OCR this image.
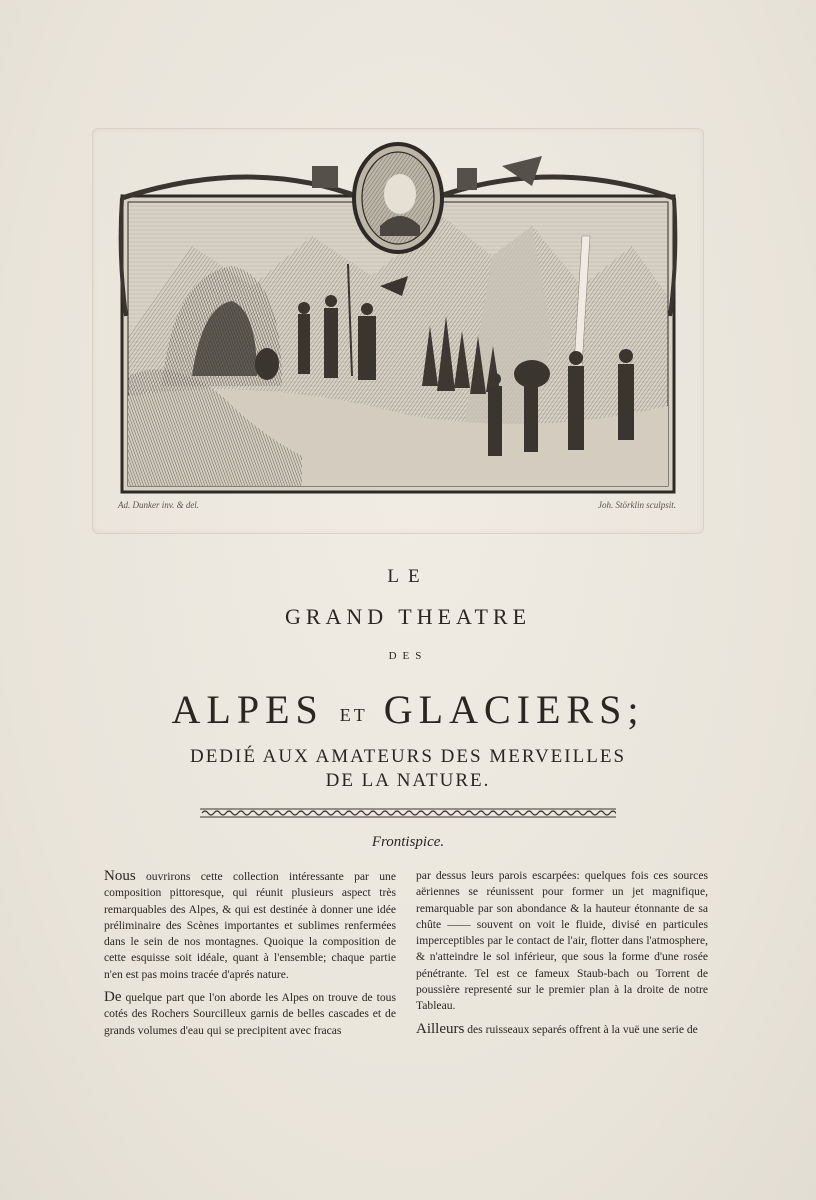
Ad. Dunker inv. & del.	Joh. Störklin sculpsit.
LE
GRAND THEATRE
DES
ALPES ET GLACIERS;
DEDIÉ AUX AMATEURS DES MERVEILLES
DE LA NATURE.
Frontispice.

Nous ouvrirons cette collection intéressante par une composition pittoresque, qui réunit plusieurs aspect très remarquables des Alpes, & qui est destinée à donner une idée préliminaire des Scènes importantes et sublimes renfermées dans le sein de nos montagnes. Quoique la composition de cette esquisse soit idéale, quant à l'ensemble; chaque partie n'en est pas moins tracée d'aprés nature.

De quelque part que l'on aborde les Alpes on trouve de tous cotés des Rochers Sourcilleux garnis de belles cascades et de grands volumes d'eau qui se precipitent avec fracas

par dessus leurs parois escarpées: quelques fois ces sources aëriennes se réunissent pour former un jet magnifique, remarquable par son abondance & la hauteur étonnante de sa chûte —— souvent on voit le fluide, divisé en particules imperceptibles par le contact de l'air, flotter dans l'atmosphere, & n'atteindre le sol inférieur, que sous la forme d'une rosée pénétrante. Tel est ce fameux Staub-bach ou Torrent de poussière representé sur le premier plan à la droite de notre Tableau.

Ailleurs des ruisseaux separés offrent à la vuë une serie de
